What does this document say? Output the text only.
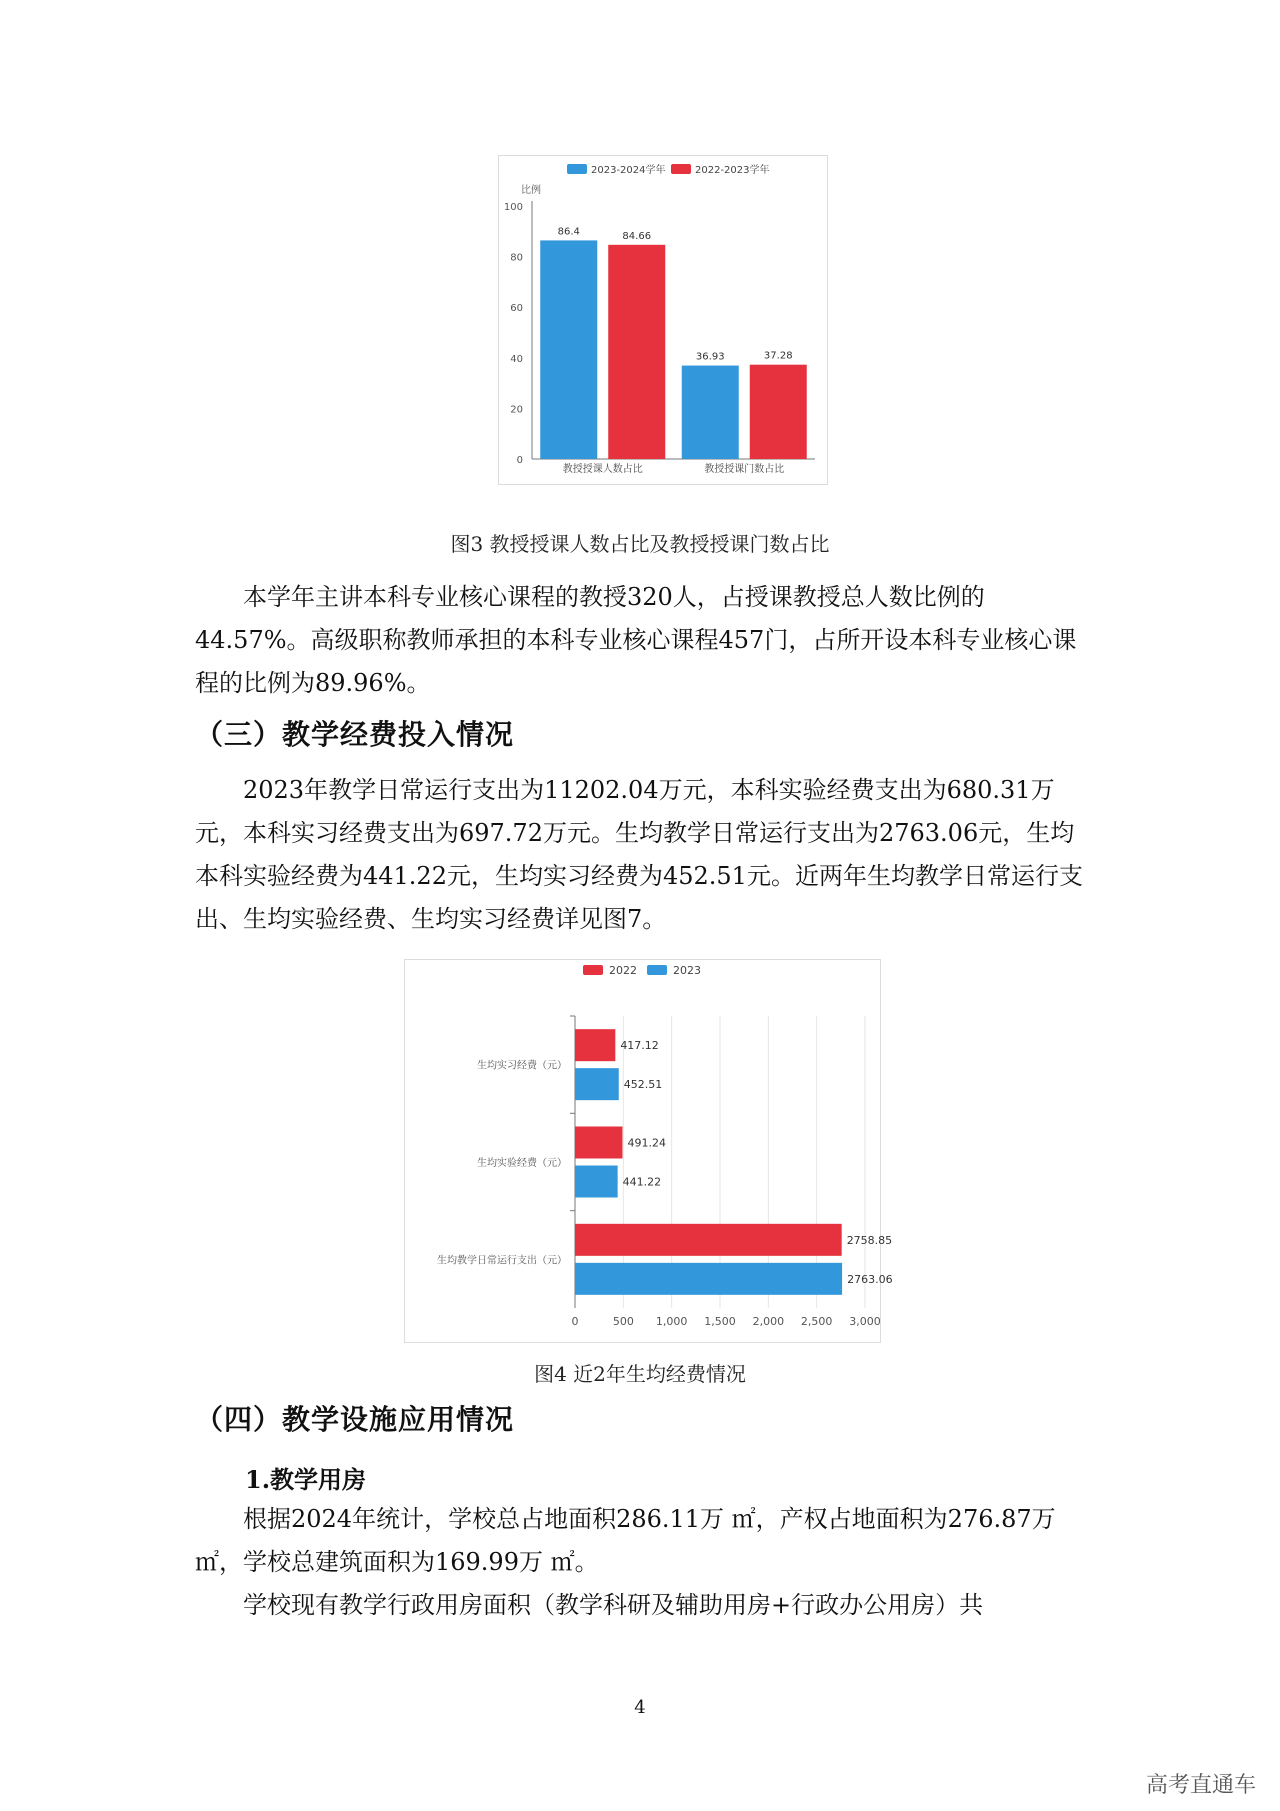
2023-2024学年	2022-2023学年
比例
100
80
60
40
20
0
86.4	84.66
教授授课人数占比
36.93	37.28
教授授课门数占比
图3 教授授课人数占比及教授授课门数占比

本学年主讲本科专业核心课程的教授320人，占授课教授总人数比例的44.57%。高级职称教师承担的本科专业核心课程457门，占所开设本科专业核心课程的比例为89.96%。

（三）教学经费投入情况

2023年教学日常运行支出为11202.04万元，本科实验经费支出为680.31万元，本科实习经费支出为697.72万元。生均教学日常运行支出为2763.06元，生均本科实验经费为441.22元，生均实习经费为452.51元。近两年生均教学日常运行支出、生均实验经费、生均实习经费详见图7。

2022	2023
0	500 1,000 1,500 2,000 2,500 3,000
417.12
452.51
生均实习经费（元）
491.24
441.22
生均实验经费（元）
2758.85
2763.06
生均教学日常运行支出（元）
图4 近2年生均经费情况
（四）教学设施应用情况
1.教学用房

根据2024年统计，学校总占地面积286.11万 ㎡，产权占地面积为276.87万㎡，学校总建筑面积为169.99万 ㎡。

学校现有教学行政用房面积（教学科研及辅助用房+行政办公用房）共

4
高考直通车
